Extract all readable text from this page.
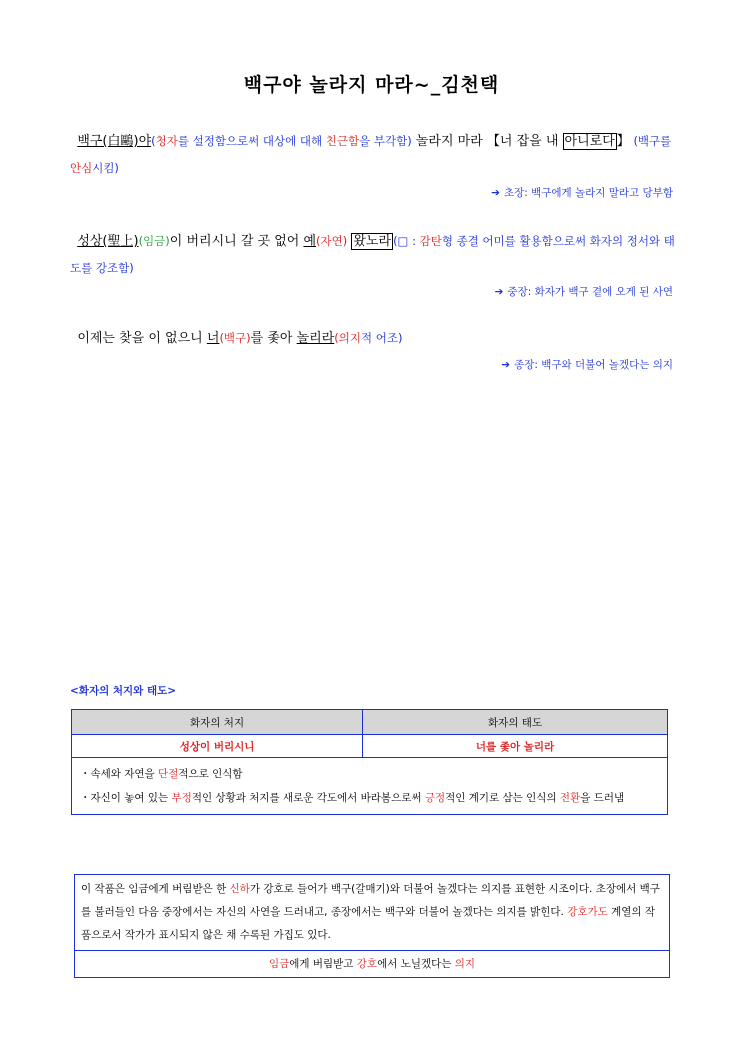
백구야 놀라지 마라~_김천택
백구(白鷗)야(청자를 설정함으로써 대상에 대해 친근함을 부각함) 놀라지 마라 【너 잡을 내 아니로다 】 (백구를 안심시킴)
➔ 초장: 백구에게 놀라지 말라고 당부함
성상(聖上)(임금)이 버리시니 갈 곳 없어 예(자연) 왔노라 (□ : 감탄형 종결 어미를 활용함으로써 화자의 정서와 태도를 강조함)
➔ 중장: 화자가 백구 곁에 오게 된 사연
이제는 찾을 이 없으니 너(백구)를 좇아 놀리라(의지적 어조)
➔ 종장: 백구와 더불어 놀겠다는 의지
<화자의 처지와 태도>
화자의 처지	화자의 태도
성상이 버리시니	너를 좇아 놀리라

・속세와 자연을 단절적으로 인식함
・자신이 놓여 있는 부정적인 상황과 처지를 새로운 각도에서 바라봄으로써 긍정적인 계기로 삼는 인식의 전환을 드러냄	
이 작품은 임금에게 버림받은 한 신하가 강호로 들어가 백구(갈매기)와 더불어 놀겠다는 의지를 표현한 시조이다. 초장에서 백구를 불러들인 다음 중장에서는 자신의 사연을 드러내고, 종장에서는 백구와 더불어 놀겠다는 의지를 밝힌다. 강호가도 계열의 작품으로서 작가가 표시되지 않은 채 수록된 가집도 있다.
임금에게 버림받고 강호에서 노닐겠다는 의지
